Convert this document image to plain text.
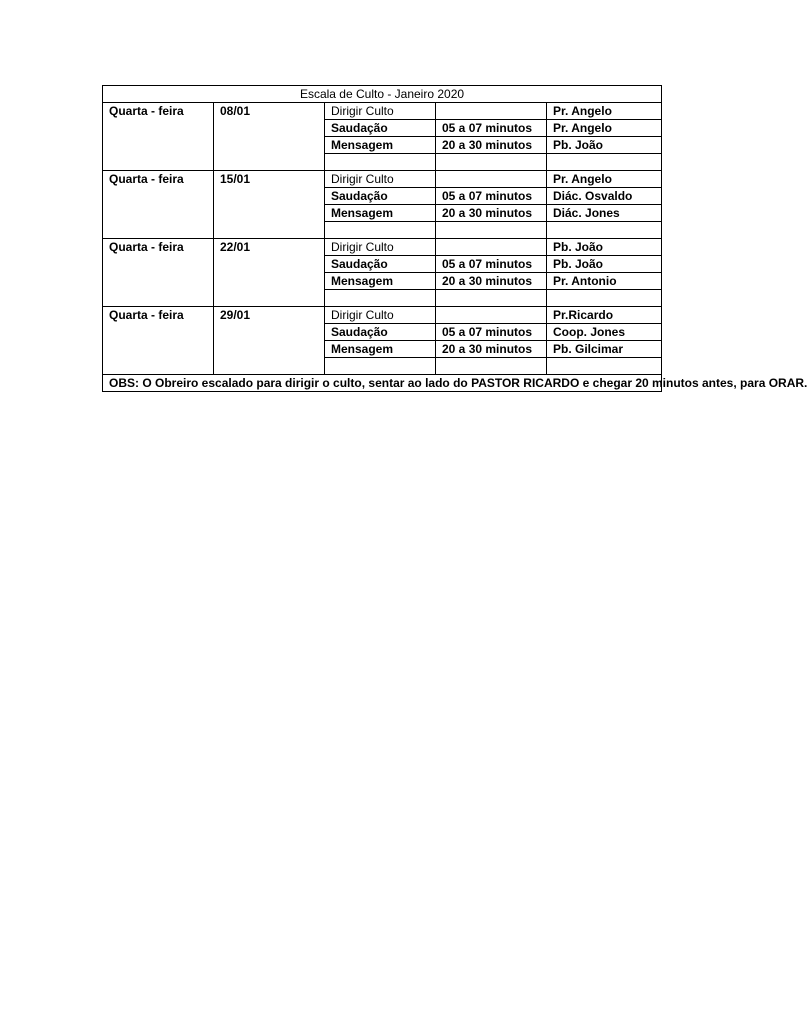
Escala de Culto - Janeiro 2020				
Quarta - feira	08/01	Dirigir Culto		Pr. Angelo
		Saudação	05 a 07 minutos	Pr. Angelo
		Mensagem	20 a 30 minutos	Pb. João

Quarta - feira	15/01	Dirigir Culto		Pr. Angelo
		Saudação	05 a 07 minutos	Diác. Osvaldo
		Mensagem	20 a 30 minutos	Diác. Jones

Quarta - feira	22/01	Dirigir Culto		Pb. João
		Saudação	05 a 07 minutos	Pb. João
		Mensagem	20 a 30 minutos	Pr. Antonio

Quarta - feira	29/01	Dirigir Culto		Pr.Ricardo
		Saudação	05 a 07 minutos	Coop. Jones
		Mensagem	20 a 30 minutos	Pb. Gilcimar

OBS: O Obreiro escalado para dirigir o culto, sentar ao lado do PASTOR RICARDO e chegar 20 minutos antes, para ORAR.				
